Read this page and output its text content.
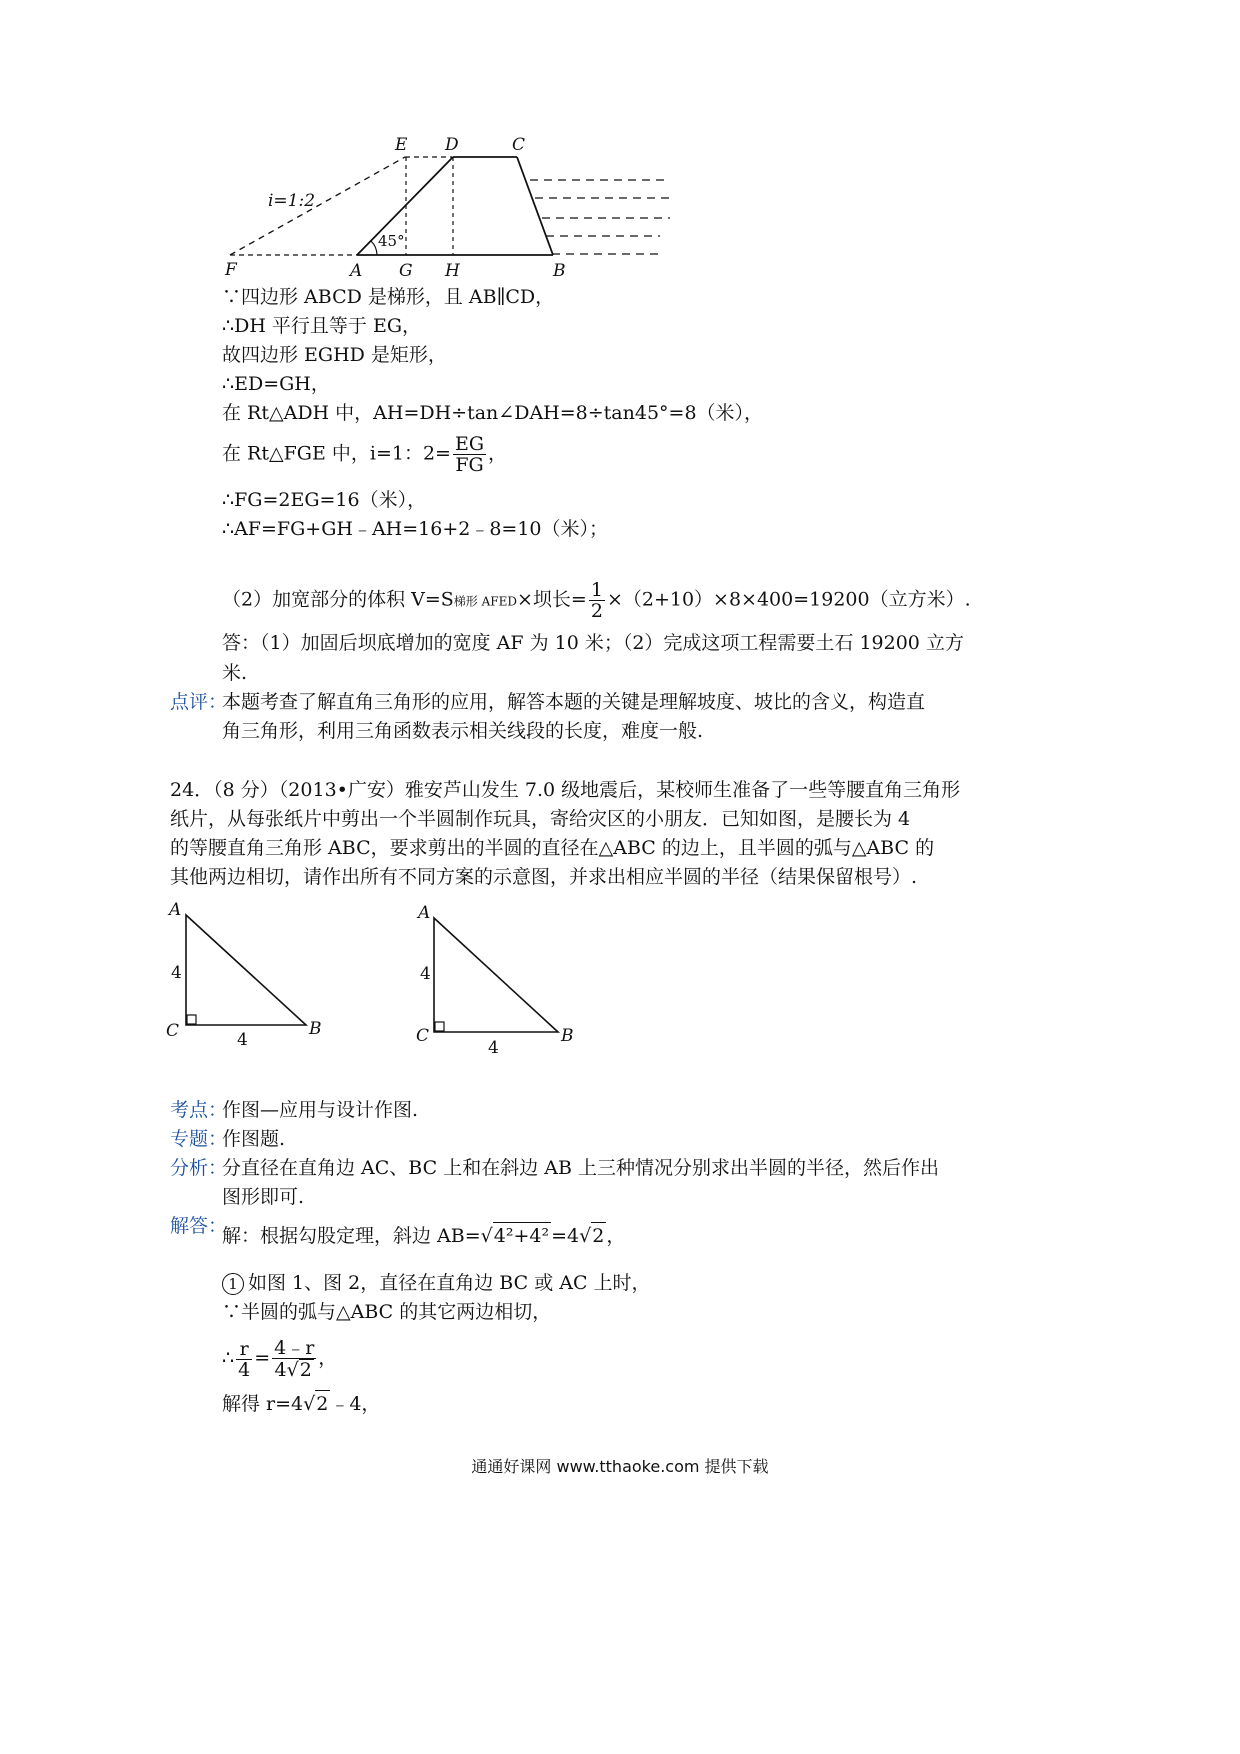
E D	C
F	A G H	B
i=1:2
45°
∵四边形 ABCD 是梯形，且 AB∥CD，
∴DH 平行且等于 EG，
故四边形 EGHD 是矩形，
∴ED=GH，
在 Rt△ADH 中，AH=DH÷tan∠DAH=8÷tan45°=8（米），
在 Rt△FGE 中，i=1：$2= \frac{EG}{FG}$ ，
∴FG=2EG=16（米），
∴AF=FG+GH﹣AH=16+2﹣8=10（米）；
（2）加宽部分的体积 V=S梯形 AFED×坝长= $\frac{1}{2} \times(2+10)\times 8\times 400=19200$（立方米）.
答：（1）加固后坝底增加的宽度 AF 为 10 米；（2）完成这项工程需要土石 19200 立方
米.
点评：
本题考查了解直角三角形的应用，解答本题的关键是理解坡度、坡比的含义，构造直
角三角形，利用三角函数表示相关线段的长度，难度一般.
24．（8 分）（2013•广安）雅安芦山发生 7.0 级地震后，某校师生准备了一些等腰直角三角形
纸片，从每张纸片中剪出一个半圆制作玩具，寄给灾区的小朋友．已知如图，是腰长为 4
的等腰直角三角形 ABC，要求剪出的半圆的直径在△ABC 的边上，且半圆的弧与△ABC 的
其他两边相切，请作出所有不同方案的示意图，并求出相应半圆的半径（结果保留根号）.
A
C	B
4
4
A
C	B
4
4
考点：
作图—应用与设计作图.
专题：
作图题.
分析：
分直径在直角边 AC、BC 上和在斜边 AB 上三种情况分别求出半圆的半径，然后作出
图形即可.
解答：
解：根据勾股定理，斜边 AB=√4²+4² =4√2 ，
1 如图 1、图 2，直径在直角边 BC 或 AC 上时，
∵半圆的弧与△ABC 的其它两边相切，
∴ $\frac{r}{4} = \frac{4﹣r}{4√2}$ ，
解得 r=4√2 ﹣4，
通通好课网 www.tthaoke.com 提供下载
